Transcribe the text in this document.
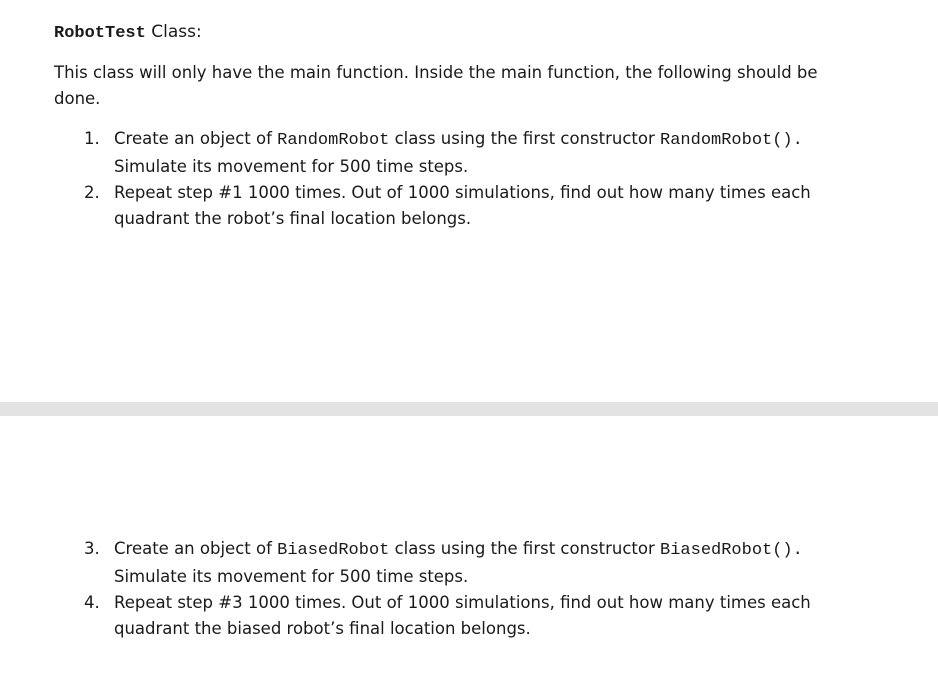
RobotTest Class:

This class will only have the main function. Inside the main function, the following should be done.

1. Create an object of RandomRobot class using the first constructor RandomRobot(). Simulate its movement for 500 time steps.
2. Repeat step #1 1000 times. Out of 1000 simulations, find out how many times each quadrant the robot’s final location belongs.
3. Create an object of BiasedRobot class using the first constructor BiasedRobot(). Simulate its movement for 500 time steps.
4. Repeat step #3 1000 times. Out of 1000 simulations, find out how many times each quadrant the biased robot’s final location belongs.
